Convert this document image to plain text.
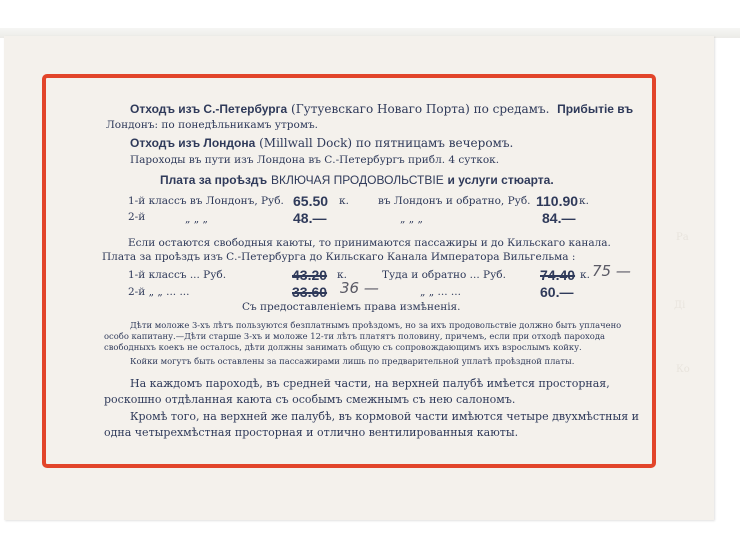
Ра
Ді
Ко
Отходъ изъ С.-Петербурга (Гутуевскаго Новаго Порта) по средамъ. Прибытіе въ
Лондонъ: по понедѣльникамъ утромъ.
Отходъ изъ Лондона (Millwall Dock) по пятницамъ вечеромъ.
Пароходы въ пути изъ Лондона въ С.-Петербургъ прибл. 4 суткок.
Плата за проѣздъ ВКЛЮЧАЯ ПРОДОВОЛЬСТВІЕ и услуги стюарта.
1-й классъ въ Лондонъ, Руб. 65.50 к.	въ Лондонъ и обратно, Руб. 110.90 к.
2-й	„ „ „	48.—	„ „ „	84.—
Если остаются свободныя каюты, то принимаются пассажиры и до Кильскаго канала.
Плата за проѣздъ изъ С.-Петербурга до Кильскаго Канала Императора Вильгельма :
1-й классъ ... Руб.	43.20 к.	Туда и обратно ... Руб. 74.40 к. 75 —
2-й „ „ ... ...	33.60 36 —	„ „ ... ...	60.—
Съ предоставленіемъ права измѣненія.
Дѣти моложе 3-хъ лѣтъ пользуются безплатнымъ проѣздомъ, но за ихъ продовольствіе должно быть уплачено
особо капитану.—Дѣти старше 3-хъ и моложе 12-ти лѣтъ платятъ половину, причемъ, если при отходѣ парохода
свободныхъ коекъ не осталось, дѣти должны занимать общую съ сопровождающимъ ихъ взрослымъ койку.
Койки могутъ быть оставлены за пассажирами лишь по предварительной уплатѣ проѣздной платы.
На каждомъ пароходѣ, въ средней части, на верхней палубѣ имѣется просторная,
роскошно отдѣланная каюта съ особымъ смежнымъ съ нею салономъ.
Кромѣ того, на верхней же палубѣ, въ кормовой части имѣются четыре двухмѣстныя и
одна четырехмѣстная просторная и отлично вентилированныя каюты.
